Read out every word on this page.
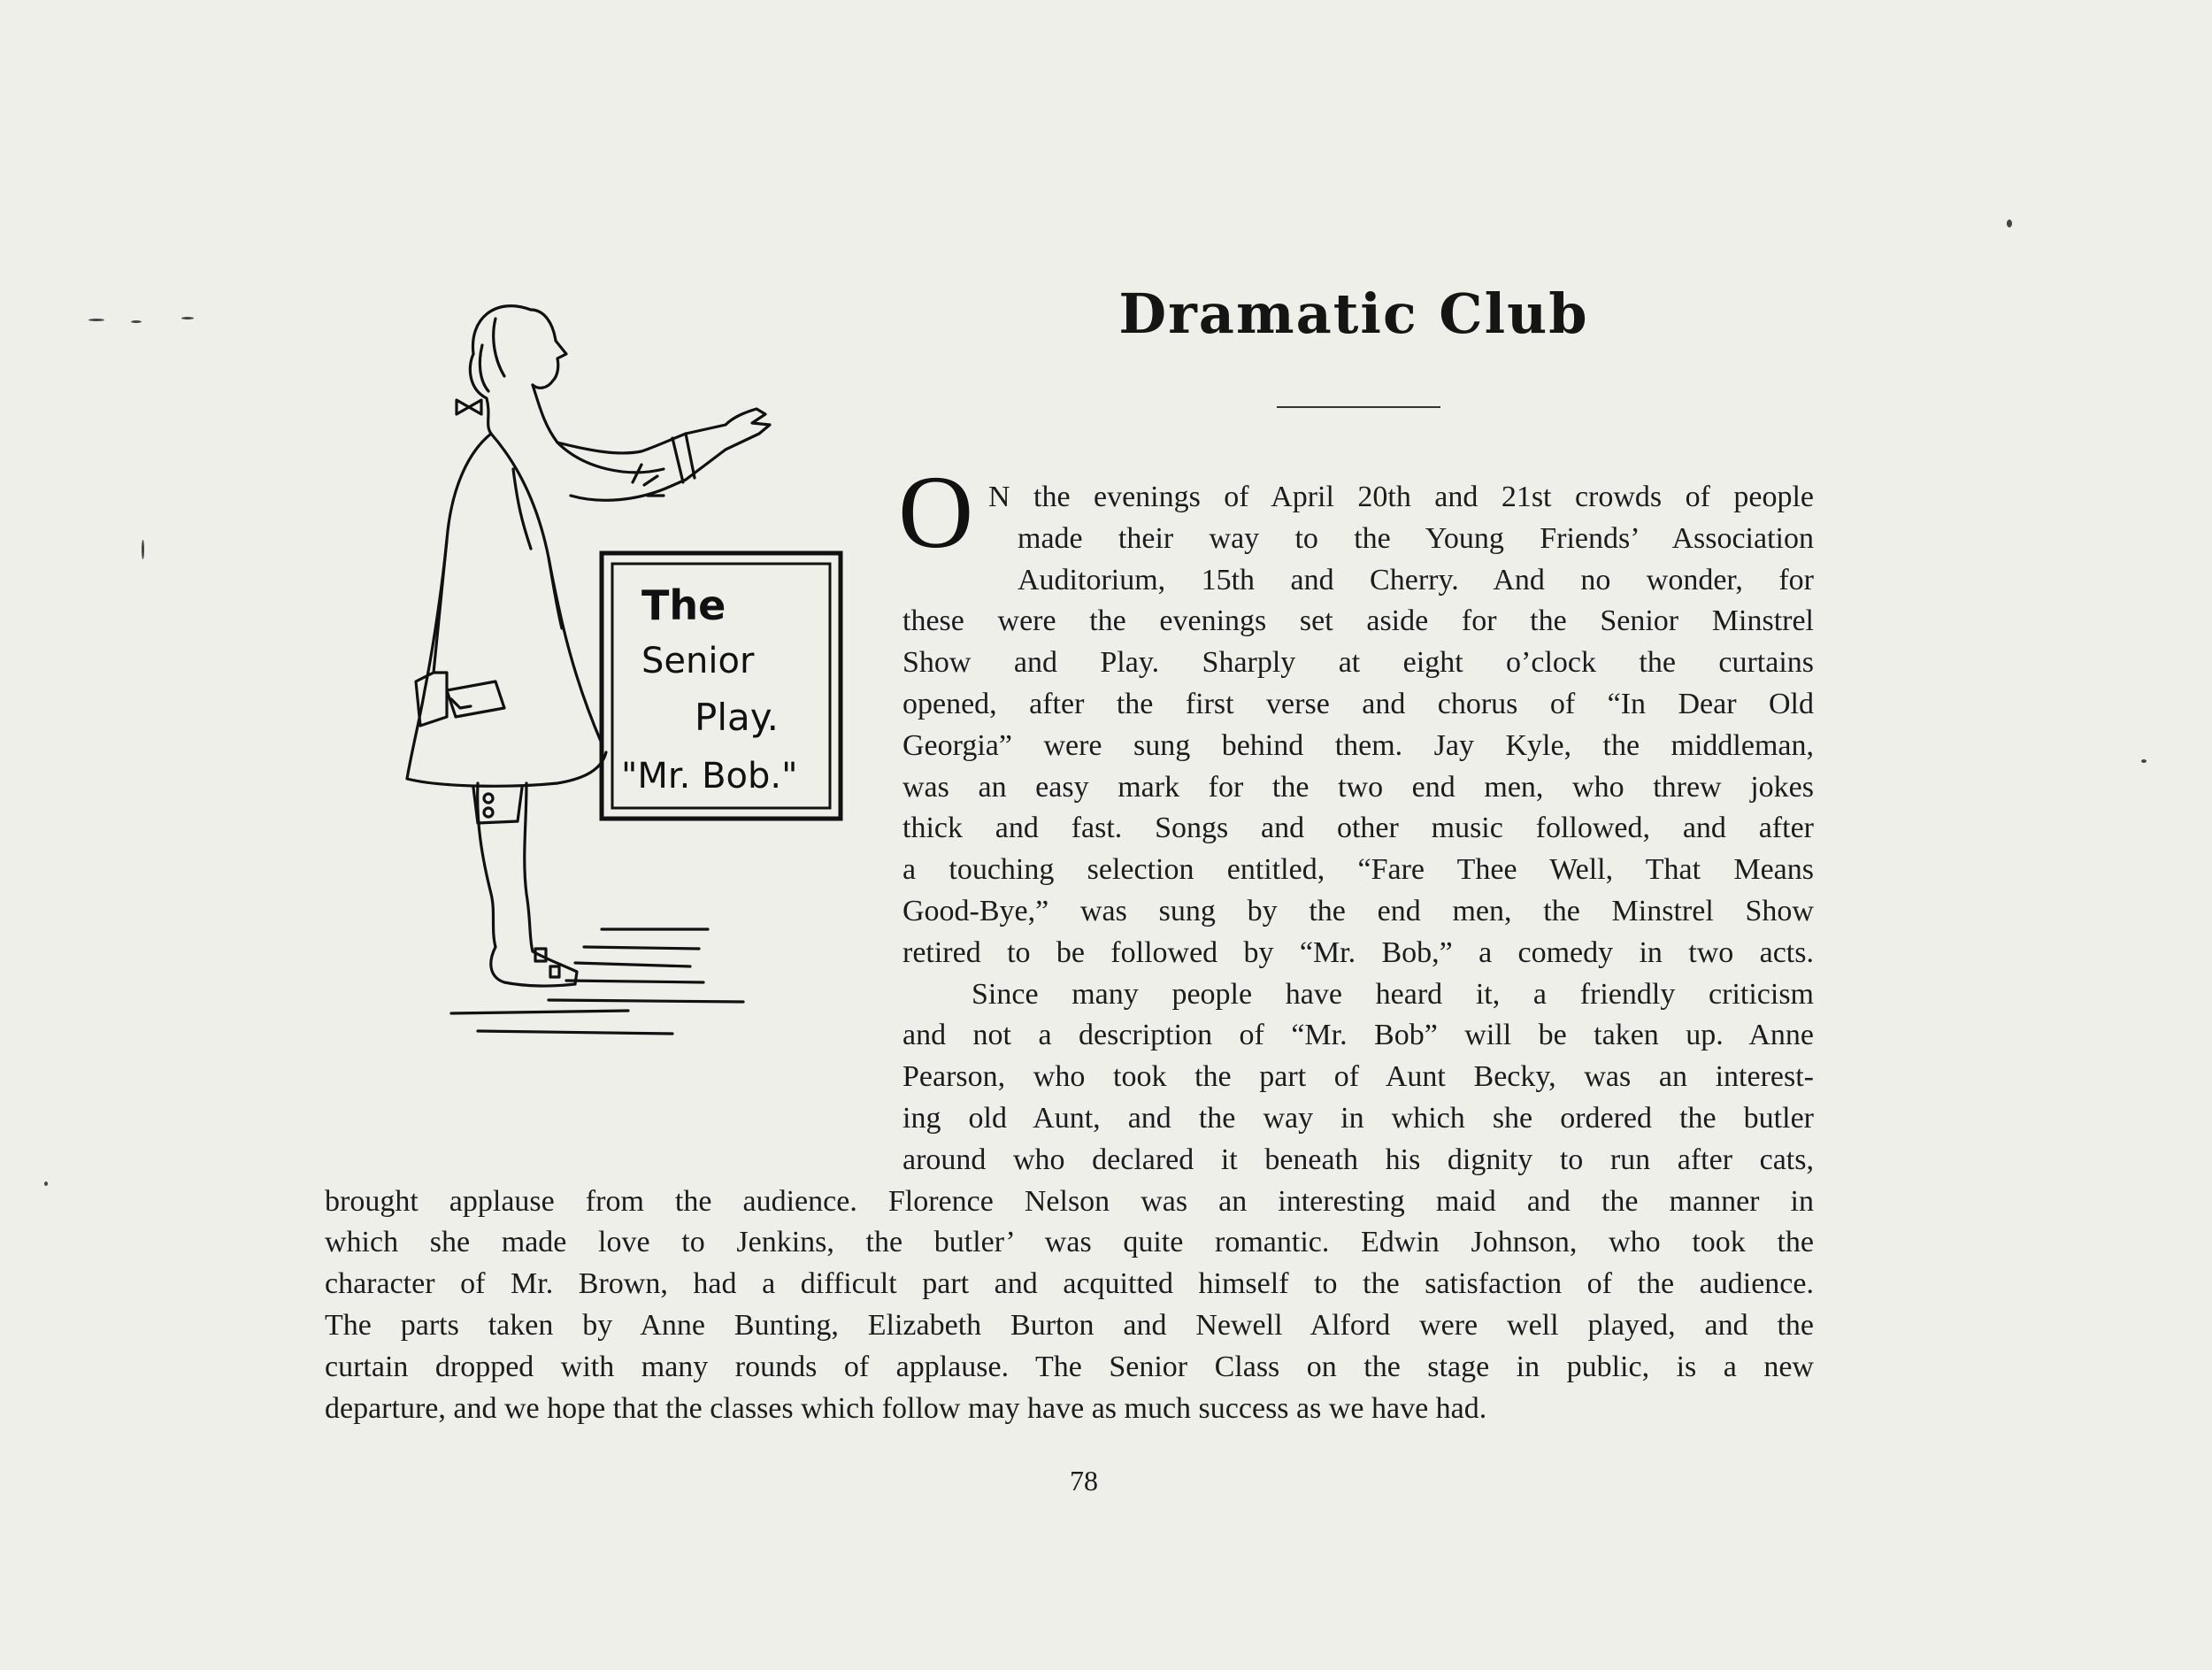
Dramatic Club
The
Senior
Play.
"Mr. Bob."
O N the evenings of April 20th and 21st crowds of people
made their way to the Young Friends’ Association
Auditorium, 15th and Cherry. And no wonder, for
these were the evenings set aside for the Senior Minstrel
Show and Play. Sharply at eight o’clock the curtains
opened, after the first verse and chorus of “In Dear Old
Georgia” were sung behind them. Jay Kyle, the middleman,
was an easy mark for the two end men, who threw jokes
thick and fast. Songs and other music followed, and after
a touching selection entitled, “Fare Thee Well, That Means
Good-Bye,” was sung by the end men, the Minstrel Show
retired to be followed by “Mr. Bob,” a comedy in two acts.
Since many people have heard it, a friendly criticism
and not a description of “Mr. Bob” will be taken up. Anne
Pearson, who took the part of Aunt Becky, was an interest-
ing old Aunt, and the way in which she ordered the butler
around who declared it beneath his dignity to run after cats,
brought applause from the audience. Florence Nelson was an interesting maid and the manner in
which she made love to Jenkins, the butler’ was quite romantic. Edwin Johnson, who took the
character of Mr. Brown, had a difficult part and acquitted himself to the satisfaction of the audience.
The parts taken by Anne Bunting, Elizabeth Burton and Newell Alford were well played, and the
curtain dropped with many rounds of applause. The Senior Class on the stage in public, is a new
departure, and we hope that the classes which follow may have as much success as we have had.
78
